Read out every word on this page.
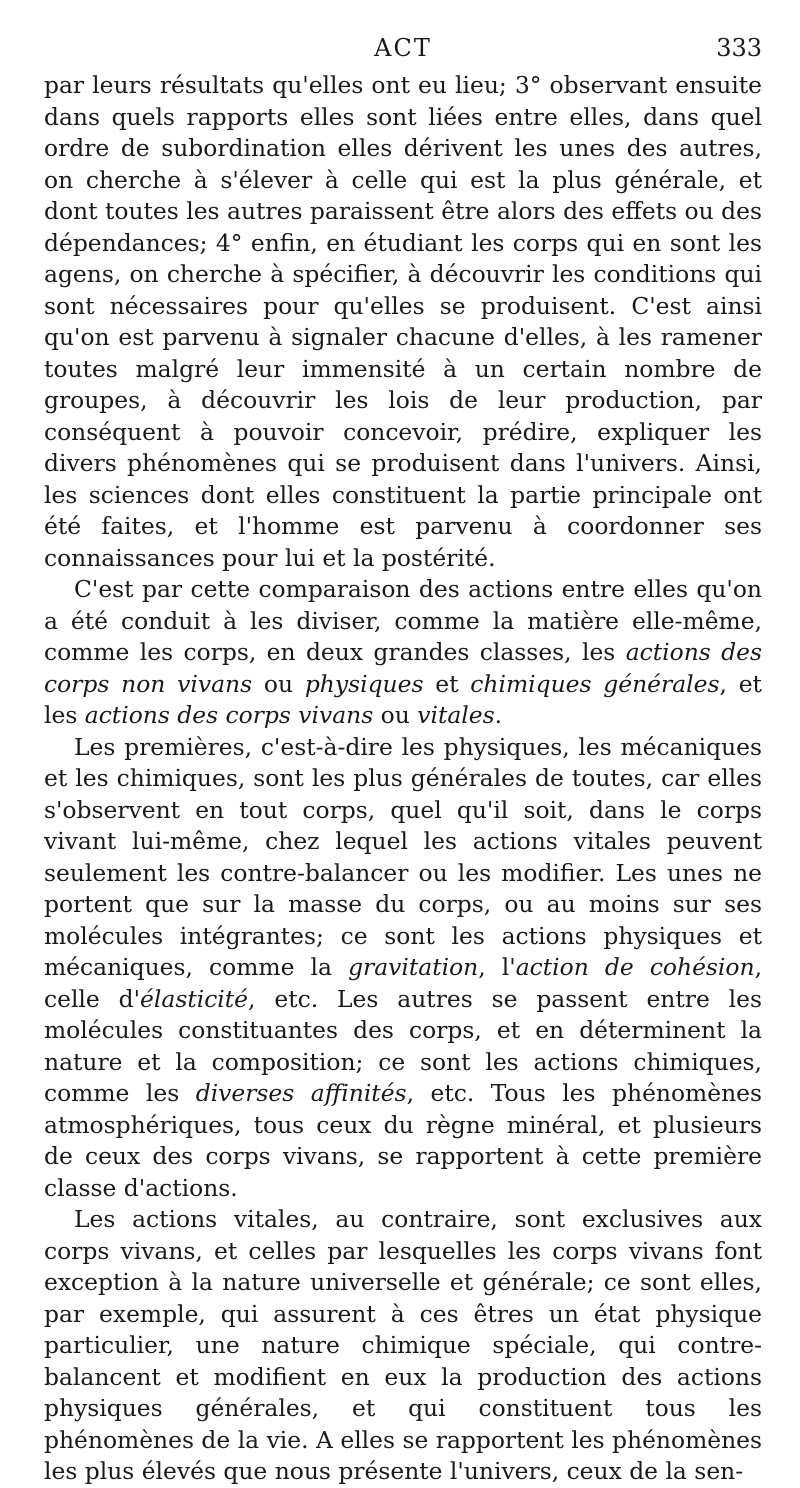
ACT	333

par leurs résultats qu'elles ont eu lieu; 3° observant ensuite dans quels rapports elles sont liées entre elles, dans quel ordre de subordination elles dérivent les unes des autres, on cherche à s'élever à celle qui est la plus générale, et dont toutes les autres paraissent être alors des effets ou des dépendances; 4° enfin, en étudiant les corps qui en sont les agens, on cherche à spécifier, à découvrir les conditions qui sont nécessaires pour qu'elles se produisent. C'est ainsi qu'on est parvenu à signaler chacune d'elles, à les ramener toutes malgré leur immensité à un certain nombre de groupes, à découvrir les lois de leur production, par conséquent à pouvoir concevoir, prédire, expliquer les divers phénomènes qui se produisent dans l'univers. Ainsi, les sciences dont elles constituent la partie principale ont été faites, et l'homme est parvenu à coordonner ses connaissances pour lui et la postérité.

C'est par cette comparaison des actions entre elles qu'on a été conduit à les diviser, comme la matière elle-même, comme les corps, en deux grandes classes, les actions des corps non vivans ou physiques et chimiques générales, et les actions des corps vivans ou vitales.

Les premières, c'est-à-dire les physiques, les mécaniques et les chimiques, sont les plus générales de toutes, car elles s'observent en tout corps, quel qu'il soit, dans le corps vivant lui-même, chez lequel les actions vitales peuvent seulement les contre-balancer ou les modifier. Les unes ne portent que sur la masse du corps, ou au moins sur ses molécules intégrantes; ce sont les actions physiques et mécaniques, comme la gravitation, l'action de cohésion, celle d'élasticité, etc. Les autres se passent entre les molécules constituantes des corps, et en déterminent la nature et la composition; ce sont les actions chimiques, comme les diverses affinités, etc. Tous les phénomènes atmosphériques, tous ceux du règne minéral, et plusieurs de ceux des corps vivans, se rapportent à cette première classe d'actions.

Les actions vitales, au contraire, sont exclusives aux corps vivans, et celles par lesquelles les corps vivans font exception à la nature universelle et générale; ce sont elles, par exemple, qui assurent à ces êtres un état physique particulier, une nature chimique spéciale, qui contre-balancent et modifient en eux la production des actions physiques générales, et qui constituent tous les phénomènes de la vie. A elles se rapportent les phénomènes les plus élevés que nous présente l'univers, ceux de la sen-
